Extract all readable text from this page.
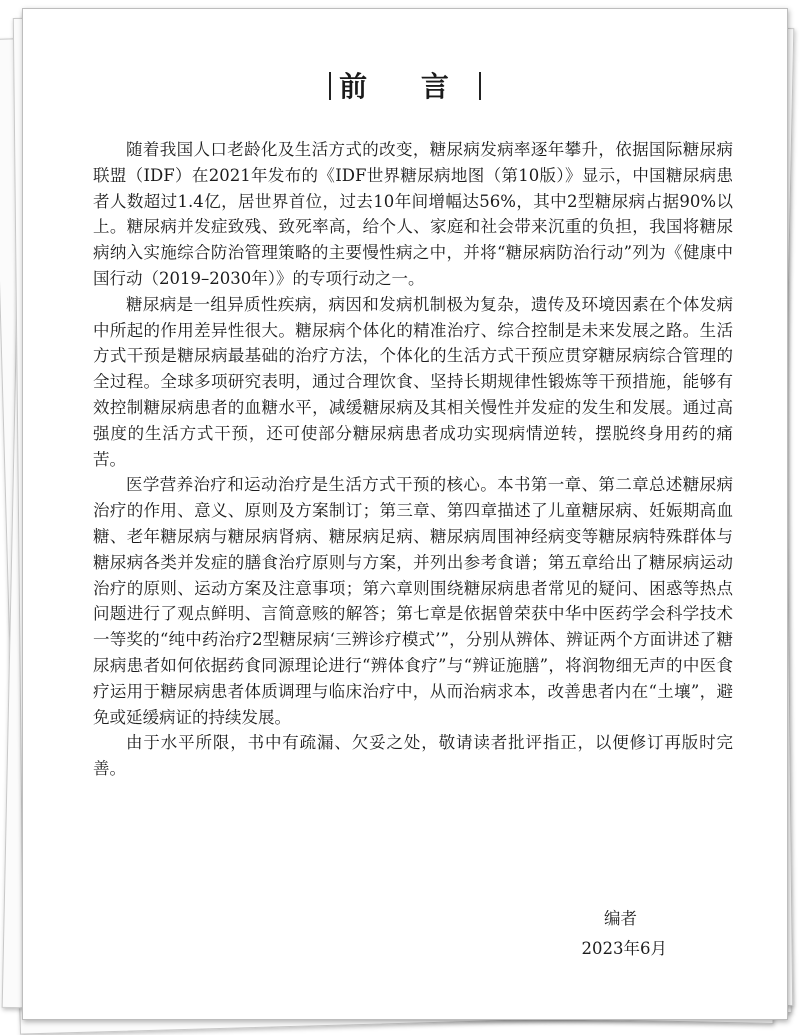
前 言

随着我国人口老龄化及生活方式的改变，糖尿病发病率逐年攀升，依据国际糖尿病联盟（IDF）在2021年发布的《IDF世界糖尿病地图（第10版）》显示，中国糖尿病患者人数超过1.4亿，居世界首位，过去10年间增幅达56%，其中2型糖尿病占据90%以上。糖尿病并发症致残、致死率高，给个人、家庭和社会带来沉重的负担，我国将糖尿病纳入实施综合防治管理策略的主要慢性病之中，并将“糖尿病防治行动”列为《健康中国行动（2019–2030年）》的专项行动之一。

糖尿病是一组异质性疾病，病因和发病机制极为复杂，遗传及环境因素在个体发病中所起的作用差异性很大。糖尿病个体化的精准治疗、综合控制是未来发展之路。生活方式干预是糖尿病最基础的治疗方法，个体化的生活方式干预应贯穿糖尿病综合管理的全过程。全球多项研究表明，通过合理饮食、坚持长期规律性锻炼等干预措施，能够有效控制糖尿病患者的血糖水平，减缓糖尿病及其相关慢性并发症的发生和发展。通过高强度的生活方式干预，还可使部分糖尿病患者成功实现病情逆转，摆脱终身用药的痛苦。

医学营养治疗和运动治疗是生活方式干预的核心。本书第一章、第二章总述糖尿病治疗的作用、意义、原则及方案制订；第三章、第四章描述了儿童糖尿病、妊娠期高血糖、老年糖尿病与糖尿病肾病、糖尿病足病、糖尿病周围神经病变等糖尿病特殊群体与糖尿病各类并发症的膳食治疗原则与方案，并列出参考食谱；第五章给出了糖尿病运动治疗的原则、运动方案及注意事项；第六章则围绕糖尿病患者常见的疑问、困惑等热点问题进行了观点鲜明、言简意赅的解答；第七章是依据曾荣获中华中医药学会科学技术一等奖的“纯中药治疗2型糖尿病‘三辨诊疗模式’”，分别从辨体、辨证两个方面讲述了糖尿病患者如何依据药食同源理论进行“辨体食疗”与“辨证施膳”，将润物细无声的中医食疗运用于糖尿病患者体质调理与临床治疗中，从而治病求本，改善患者内在“土壤”，避免或延缓病证的持续发展。

由于水平所限，书中有疏漏、欠妥之处，敬请读者批评指正，以便修订再版时完善。

编者
2023年6月
